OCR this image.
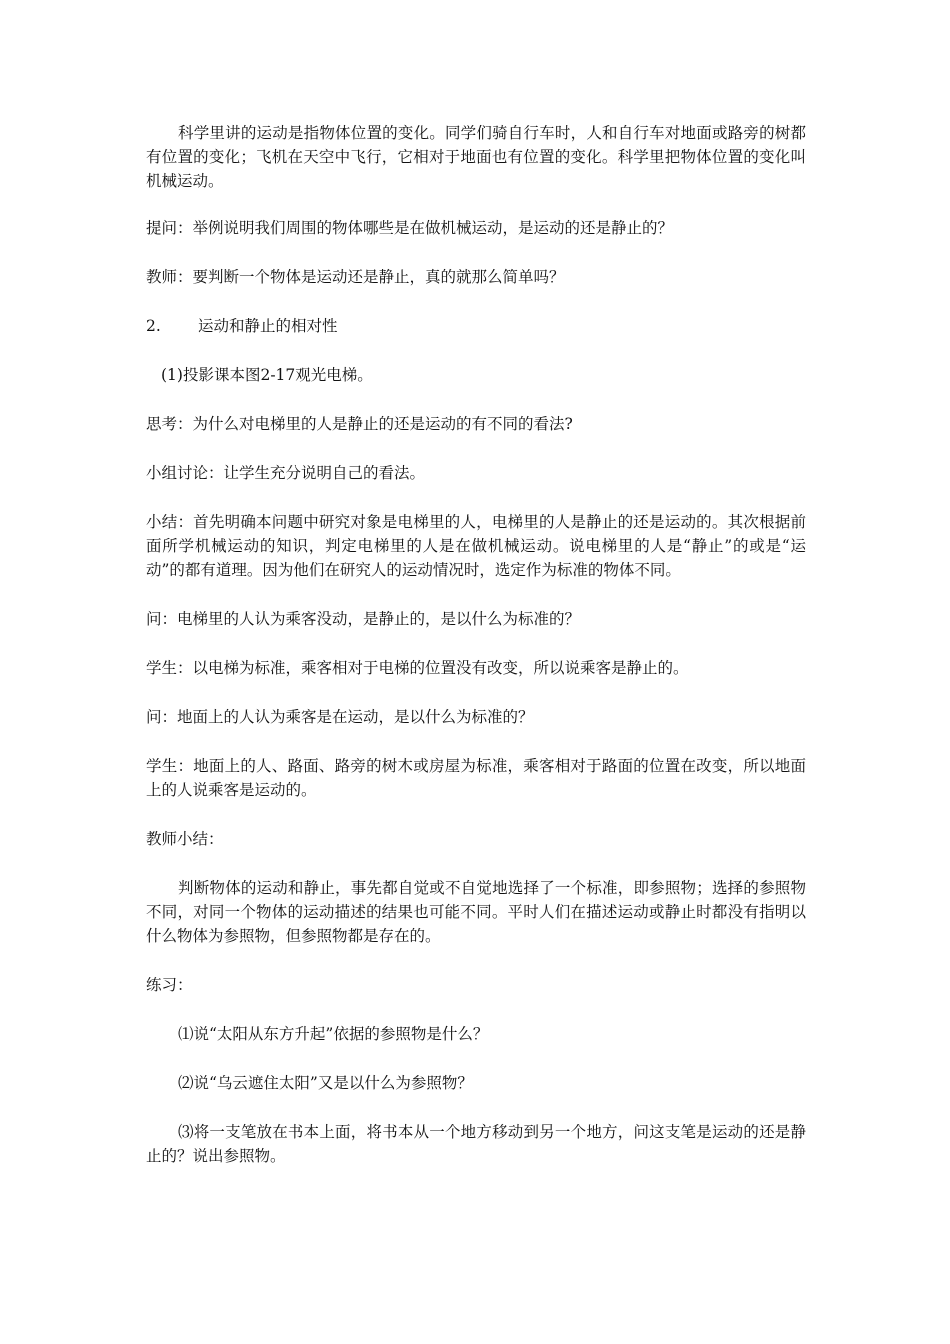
科学里讲的运动是指物体位置的变化。同学们骑自行车时，人和自行车对地面或路旁的树都有位置的变化；飞机在天空中飞行，它相对于地面也有位置的变化。科学里把物体位置的变化叫机械运动。

提问：举例说明我们周围的物体哪些是在做机械运动，是运动的还是静止的？

教师：要判断一个物体是运动还是静止，真的就那么简单吗？

2. 运动和静止的相对性

(1)投影课本图2-17观光电梯。

思考：为什么对电梯里的人是静止的还是运动的有不同的看法?

小组讨论：让学生充分说明自己的看法。

小结：首先明确本问题中研究对象是电梯里的人，电梯里的人是静止的还是运动的。其次根据前面所学机械运动的知识，判定电梯里的人是在做机械运动。说电梯里的人是“静止”的或是“运动”的都有道理。因为他们在研究人的运动情况时，选定作为标准的物体不同。

问：电梯里的人认为乘客没动，是静止的，是以什么为标准的？

学生：以电梯为标准，乘客相对于电梯的位置没有改变，所以说乘客是静止的。

问：地面上的人认为乘客是在运动，是以什么为标准的？

学生：地面上的人、路面、路旁的树木或房屋为标准，乘客相对于路面的位置在改变，所以地面上的人说乘客是运动的。

教师小结：

判断物体的运动和静止，事先都自觉或不自觉地选择了一个标准，即参照物；选择的参照物不同，对同一个物体的运动描述的结果也可能不同。平时人们在描述运动或静止时都没有指明以什么物体为参照物，但参照物都是存在的。

练习：

⑴说“太阳从东方升起”依据的参照物是什么？

⑵说“乌云遮住太阳”又是以什么为参照物？

⑶将一支笔放在书本上面，将书本从一个地方移动到另一个地方，问这支笔是运动的还是静止的？说出参照物。
